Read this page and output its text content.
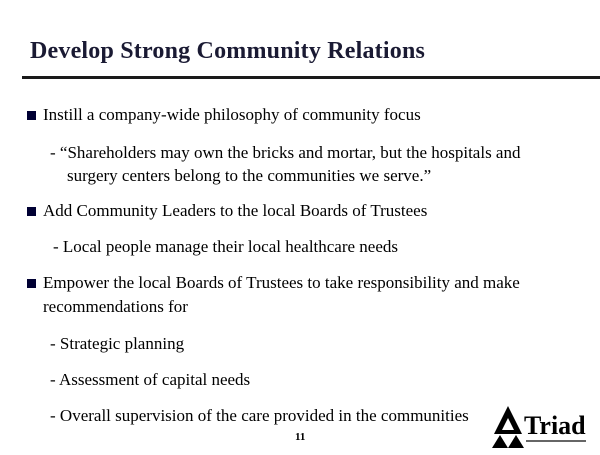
Develop Strong Community Relations
Instill a company-wide philosophy of community focus
- “Shareholders may own the bricks and mortar, but the hospitals and
surgery centers belong to the communities we serve.”
Add Community Leaders to the local Boards of Trustees
- Local people manage their local healthcare needs
Empower the local Boards of Trustees to take responsibility and make
recommendations for
- Strategic planning
- Assessment of capital needs
- Overall supervision of the care provided in the communities
11	Triad
